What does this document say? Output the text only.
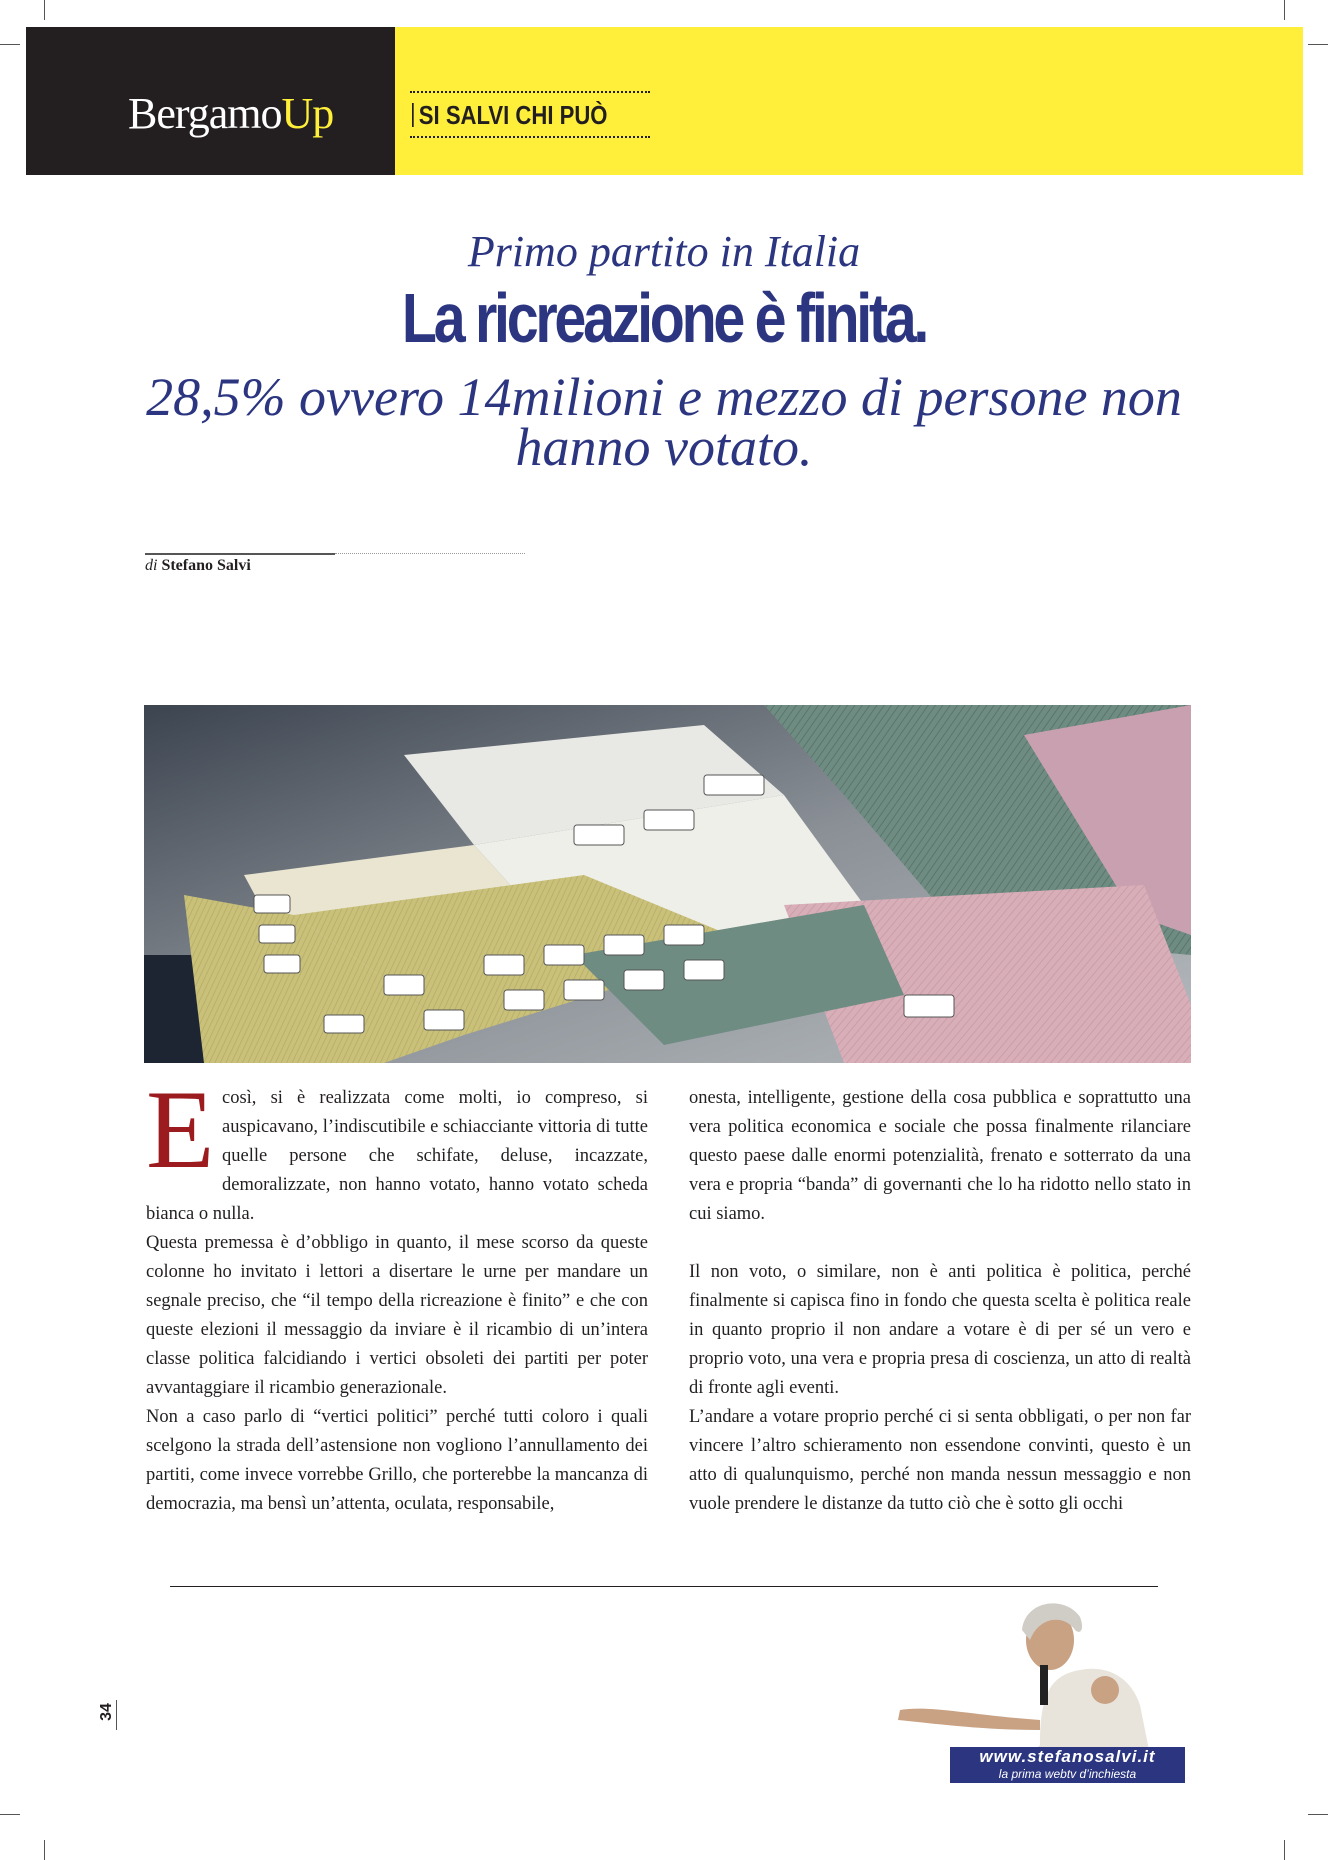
BergamoUp	SI SALVI CHI PUÒ
Primo partito in Italia
La ricreazione è finita.
28,5% ovvero 14milioni e mezzo di persone non hanno votato.
di Stefano Salvi
E così, si è realizzata come molti, io compreso, si auspicavano, l’indiscutibile e schiacciante vittoria di tutte quelle persone che schifate, deluse, incazzate, demoralizzate, non hanno votato, hanno votato scheda bianca o nulla.

Questa premessa è d’obbligo in quanto, il mese scorso da queste colonne ho invitato i lettori a disertare le urne per mandare un segnale preciso, che “il tempo della ricreazione è finito” e che con queste elezioni il messaggio da inviare è il ricambio di un’intera classe politica falcidiando i vertici obsoleti dei partiti per poter avvantaggiare il ricambio generazionale.

Non a caso parlo di “vertici politici” perché tutti coloro i quali scelgono la strada dell’astensione non vogliono l’annullamento dei partiti, come invece vorrebbe Grillo, che porterebbe la mancanza di democrazia, ma bensì un’attenta, oculata, responsabile,

onesta, intelligente, gestione della cosa pubblica e soprattutto una vera politica economica e sociale che possa finalmente rilanciare questo paese dalle enormi potenzialità, frenato e sotterrato da una vera e propria “banda” di governanti che lo ha ridotto nello stato in cui siamo.

Il non voto, o similare, non è anti politica è politica, perché finalmente si capisca fino in fondo che questa scelta è politica reale in quanto proprio il non andare a votare è di per sé un vero e proprio voto, una vera e propria presa di coscienza, un atto di realtà di fronte agli eventi.

L’andare a votare proprio perché ci si senta obbligati, o per non far vincere l’altro schieramento non essendone convinti, questo è un atto di qualunquismo, perché non manda nessun messaggio e non vuole prendere le distanze da tutto ciò che è sotto gli occhi

34
www.stefanosalvi.it
la prima webtv d’inchiesta
